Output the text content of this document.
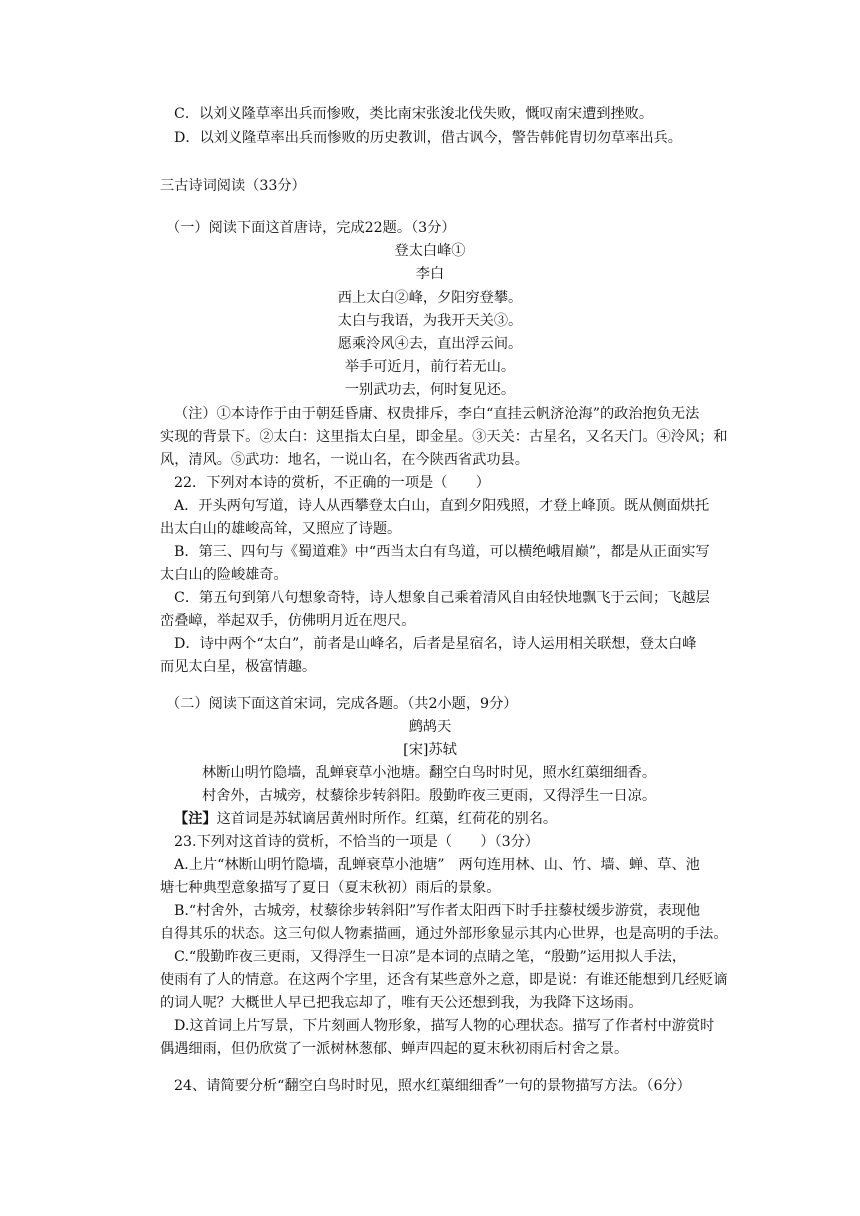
C．以刘义隆草率出兵而惨败，类比南宋张浚北伐失败，慨叹南宋遭到挫败。
D．以刘义隆草率出兵而惨败的历史教训，借古讽今，警告韩侂胄切勿草率出兵。
三古诗词阅读（33分）
（一）阅读下面这首唐诗，完成22题。（3分）
登太白峰①
李白
西上太白②峰，夕阳穷登攀。
太白与我语，为我开天关③。
愿乘泠风④去，直出浮云间。
举手可近月，前行若无山。
一别武功去，何时复见还。
（注）①本诗作于由于朝廷昏庸、权贵排斥，李白“直挂云帆济沧海”的政治抱负无法
实现的背景下。②太白：这里指太白星，即金星。③天关：古星名，又名天门。④泠风；和
风，清风。⑤武功：地名，一说山名，在今陕西省武功县。
22．下列对本诗的赏析，不正确的一项是（　　）
A．开头两句写道，诗人从西攀登太白山，直到夕阳残照，才登上峰顶。既从侧面烘托
出太白山的雄峻高耸，又照应了诗题。
B．第三、四句与《蜀道难》中“西当太白有鸟道，可以横绝峨眉巅”，都是从正面实写
太白山的险峻雄奇。
C．第五句到第八句想象奇特，诗人想象自己乘着清风自由轻快地飘飞于云间；飞越层
峦叠嶂，举起双手，仿佛明月近在咫尺。
D．诗中两个“太白”，前者是山峰名，后者是星宿名，诗人运用相关联想，登太白峰
而见太白星，极富情趣。
（二）阅读下面这首宋词，完成各题。（共2小题，9分）
鹧鸪天
[宋]苏轼
林断山明竹隐墙，乱蝉衰草小池塘。翻空白鸟时时见，照水红蕖细细香。
村舍外，古城旁，杖藜徐步转斜阳。殷勤昨夜三更雨，又得浮生一日凉。
【注】这首词是苏轼谪居黄州时所作。红蕖，红荷花的别名。
23.下列对这首诗的赏析，不恰当的一项是（　　）（3分）
A.上片“林断山明竹隐墙，乱蝉衰草小池塘”　两句连用林、山、竹、墙、蝉、草、池
塘七种典型意象描写了夏日（夏末秋初）雨后的景象。
B.“村舍外，古城旁，杖藜徐步转斜阳”写作者太阳西下时手拄藜杖缓步游赏，表现他
自得其乐的状态。这三句似人物素描画，通过外部形象显示其内心世界，也是高明的手法。
C.“殷勤昨夜三更雨，又得浮生一日凉”是本词的点睛之笔，“殷勤”运用拟人手法，
使雨有了人的情意。在这两个字里，还含有某些意外之意，即是说：有谁还能想到几经贬谪
的词人呢？大概世人早已把我忘却了，唯有天公还想到我，为我降下这场雨。
D.这首词上片写景，下片刻画人物形象，描写人物的心理状态。描写了作者村中游赏时
偶遇细雨，但仍欣赏了一派树林葱郁、蝉声四起的夏末秋初雨后村舍之景。
24、请简要分析“翻空白鸟时时见，照水红蕖细细香”一句的景物描写方法。（6分）
